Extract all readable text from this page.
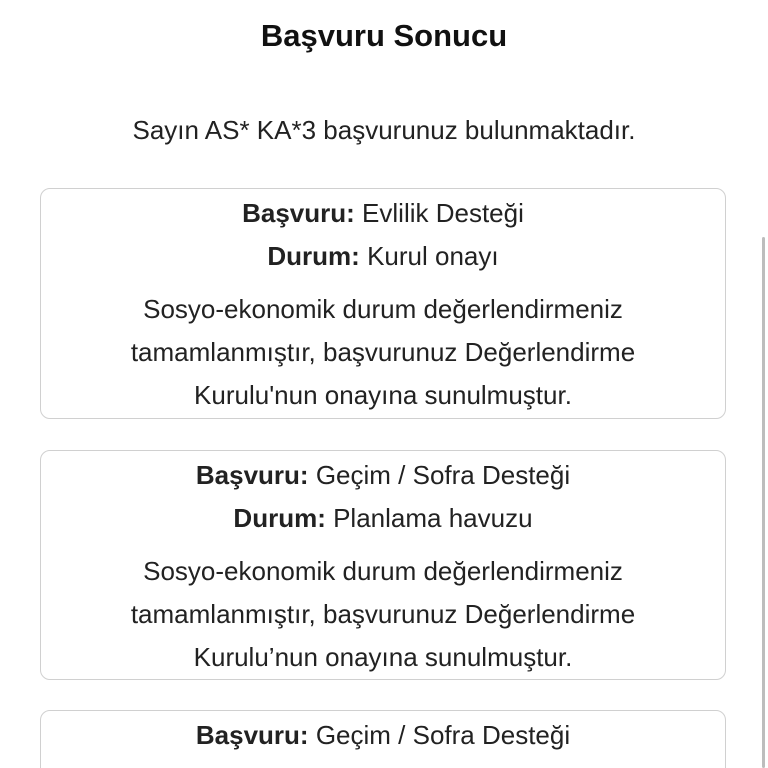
Başvuru Sonucu

Sayın AS* KA*3 başvurunuz bulunmaktadır.

Başvuru: Evlilik Desteği
Durum: Kurul onayı
Sosyo-ekonomik durum değerlendirmeniz
tamamlanmıştır, başvurunuz Değerlendirme
Kurulu'nun onayına sunulmuştur.
Başvuru: Geçim / Sofra Desteği
Durum: Planlama havuzu
Sosyo-ekonomik durum değerlendirmeniz
tamamlanmıştır, başvurunuz Değerlendirme
Kurulu’nun onayına sunulmuştur.
Başvuru: Geçim / Sofra Desteği
